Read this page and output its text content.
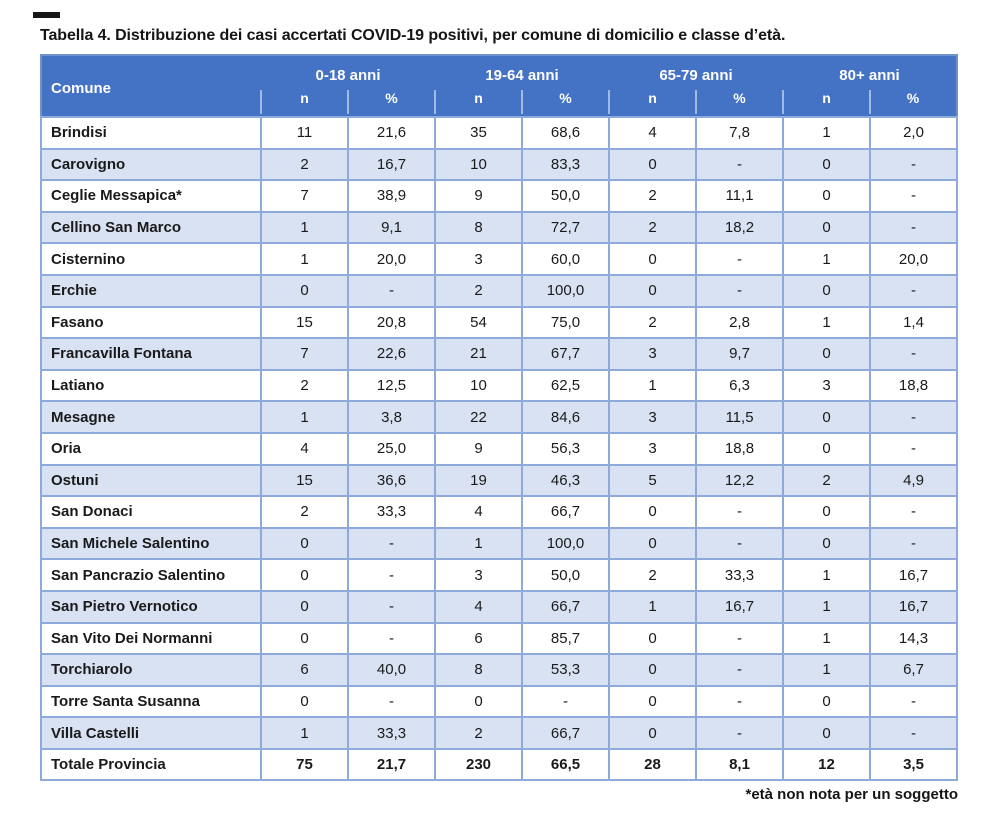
Tabella 4. Distribuzione dei casi accertati COVID-19 positivi, per comune di domicilio e classe d’età.
Comune	0-18 anni		19-64 anni		65-79 anni		80+ anni	
	n	%	n	%	n	%	n	%
Brindisi	11	21,6	35	68,6	4	7,8	1	2,0
Carovigno	2	16,7	10	83,3	0	-	0	-
Ceglie Messapica*	7	38,9	9	50,0	2	11,1	0	-
Cellino San Marco	1	9,1	8	72,7	2	18,2	0	-
Cisternino	1	20,0	3	60,0	0	-	1	20,0
Erchie	0	-	2	100,0	0	-	0	-
Fasano	15	20,8	54	75,0	2	2,8	1	1,4
Francavilla Fontana	7	22,6	21	67,7	3	9,7	0	-
Latiano	2	12,5	10	62,5	1	6,3	3	18,8
Mesagne	1	3,8	22	84,6	3	11,5	0	-
Oria	4	25,0	9	56,3	3	18,8	0	-
Ostuni	15	36,6	19	46,3	5	12,2	2	4,9
San Donaci	2	33,3	4	66,7	0	-	0	-
San Michele Salentino	0	-	1	100,0	0	-	0	-
San Pancrazio Salentino	0	-	3	50,0	2	33,3	1	16,7
San Pietro Vernotico	0	-	4	66,7	1	16,7	1	16,7
San Vito Dei Normanni	0	-	6	85,7	0	-	1	14,3
Torchiarolo	6	40,0	8	53,3	0	-	1	6,7
Torre Santa Susanna	0	-	0	-	0	-	0	-
Villa Castelli	1	33,3	2	66,7	0	-	0	-
Totale Provincia	75	21,7	230	66,5	28	8,1	12	3,5
*età non nota per un soggetto
